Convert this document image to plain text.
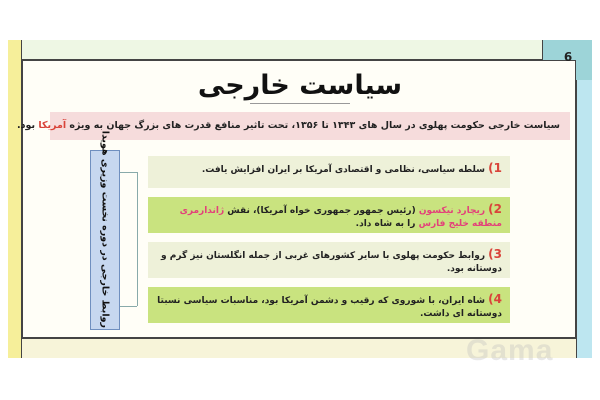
6
سیاست خارجی
سیاست خارجی حکومت پهلوی در سال های ۱۳۴۳ تا ۱۳۵۶، تحت تاثیر منافع قدرت های بزرگ جهان به ویژه آمریکا بود.
روابط خارجی در دوره نخست وزیری هویدا	1) سلطه سیاسی، نظامی و اقتصادی آمریکا بر ایران افزایش یافت.
2) ریچارد نیکسون (رئیس جمهور جمهوری خواه آمریکا)، نقش ژاندارمری منطقه خلیج فارس را به شاه داد.
3) روابط حکومت پهلوی با سایر کشورهای غربی از جمله انگلستان نیز گرم و دوستانه بود.
4) شاه ایران، با شوروی که رقیب و دشمن آمریکا بود، مناسبات سیاسی نسبتا دوستانه ای داشت.
Gama
